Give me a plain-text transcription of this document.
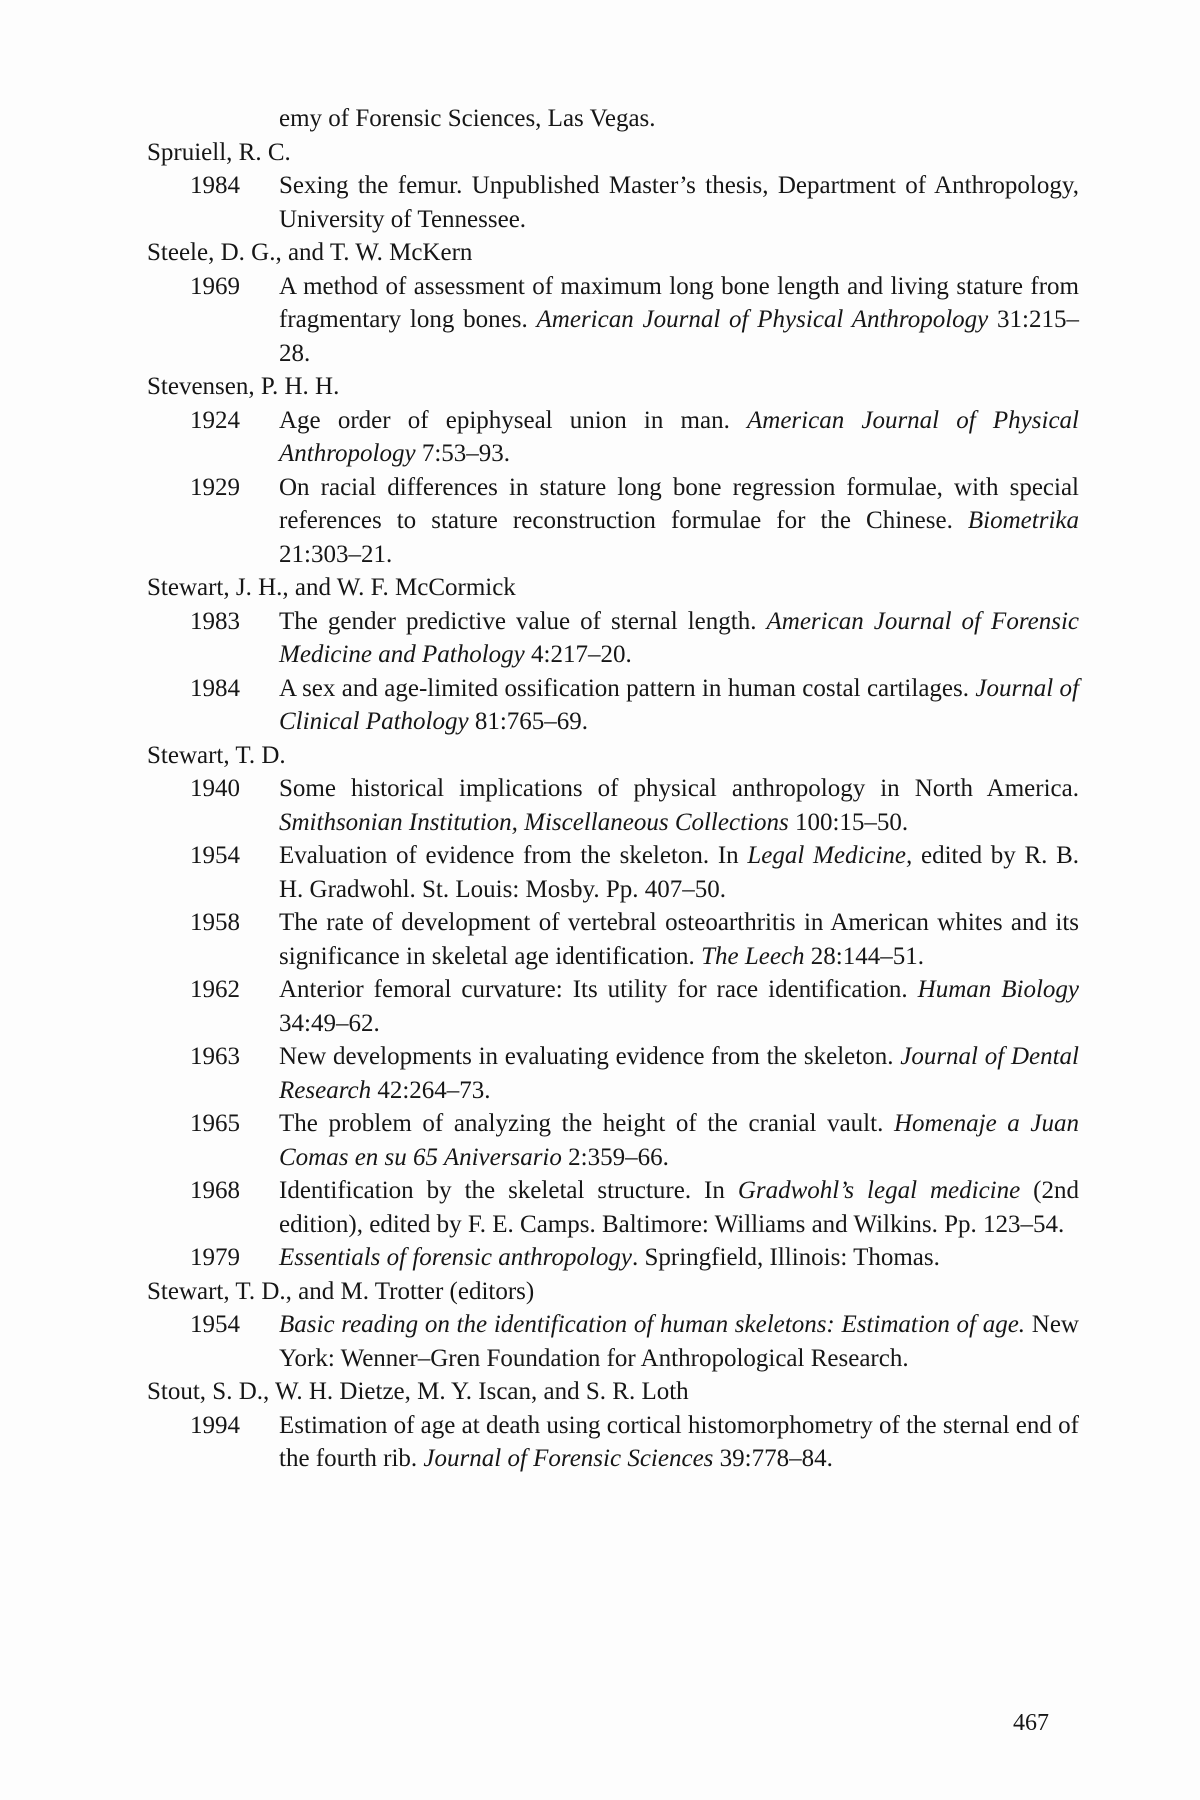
emy of Forensic Sciences, Las Vegas.

Spruiell, R. C.

1984	Sexing the femur. Unpublished Master’s thesis, Department of Anthropology, University of Tennessee.

Steele, D. G., and T. W. McKern

1969	A method of assessment of maximum long bone length and living stature from fragmentary long bones. American Journal of Physical Anthropology 31:215–28.

Stevensen, P. H. H.

1924	Age order of epiphyseal union in man. American Journal of Physical Anthropology 7:53–93.
1929	On racial differences in stature long bone regression formulae, with special references to stature reconstruction formulae for the Chinese. Biometrika 21:303–21.

Stewart, J. H., and W. F. McCormick

1983	The gender predictive value of sternal length. American Journal of Forensic Medicine and Pathology 4:217–20.
1984	A sex and age-limited ossification pattern in human costal cartilages. Journal of Clinical Pathology 81:765–69.

Stewart, T. D.

1940	Some historical implications of physical anthropology in North America. Smithsonian Institution, Miscellaneous Collections 100:15–50.
1954	Evaluation of evidence from the skeleton. In Legal Medicine, edited by R. B. H. Gradwohl. St. Louis: Mosby. Pp. 407–50.
1958	The rate of development of vertebral osteoarthritis in American whites and its significance in skeletal age identification. The Leech 28:144–51.
1962	Anterior femoral curvature: Its utility for race identification. Human Biology 34:49–62.
1963	New developments in evaluating evidence from the skeleton. Journal of Dental Research 42:264–73.
1965	The problem of analyzing the height of the cranial vault. Homenaje a Juan Comas en su 65 Aniversario 2:359–66.
1968	Identification by the skeletal structure. In Gradwohl’s legal medicine (2nd edition), edited by F. E. Camps. Baltimore: Williams and Wilkins. Pp. 123–54.
1979	Essentials of forensic anthropology. Springfield, Illinois: Thomas.

Stewart, T. D., and M. Trotter (editors)

1954	Basic reading on the identification of human skeletons: Estimation of age. New York: Wenner–Gren Foundation for Anthropological Research.

Stout, S. D., W. H. Dietze, M. Y. Iscan, and S. R. Loth

1994	Estimation of age at death using cortical histomorphometry of the sternal end of the fourth rib. Journal of Forensic Sciences 39:778–84.
467
